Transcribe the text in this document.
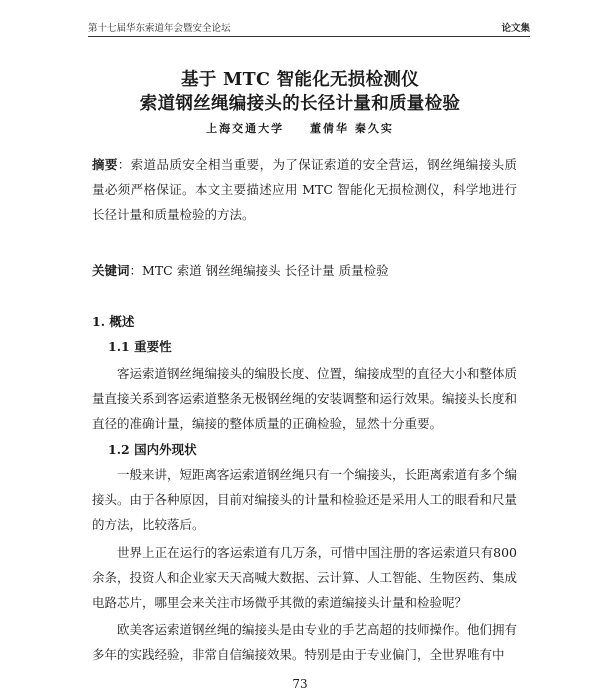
第十七届华东索道年会暨安全论坛	论文集
基于 MTC 智能化无损检测仪
索道钢丝绳编接头的长径计量和质量检验
上海交通大学 董倩华 秦久实
摘要：索道品质安全相当重要，为了保证索道的安全营运，钢丝绳编接头质量必须严格保证。本文主要描述应用 MTC 智能化无损检测仪，科学地进行长径计量和质量检验的方法。
关键词：MTC 索道 钢丝绳编接头 长径计量 质量检验
1. 概述
1.1 重要性
客运索道钢丝绳编接头的编股长度、位置，编接成型的直径大小和整体质量直接关系到客运索道整条无极钢丝绳的安装调整和运行效果。编接头长度和直径的准确计量，编接的整体质量的正确检验，显然十分重要。
1.2 国内外现状
一般来讲，短距离客运索道钢丝绳只有一个编接头，长距离索道有多个编接头。由于各种原因，目前对编接头的计量和检验还是采用人工的眼看和尺量的方法，比较落后。
世界上正在运行的客运索道有几万条，可惜中国注册的客运索道只有800余条，投资人和企业家天天高喊大数据、云计算、人工智能、生物医药、集成电路芯片，哪里会来关注市场微乎其微的索道编接头计量和检验呢？
欧美客运索道钢丝绳的编接头是由专业的手艺高超的技师操作。他们拥有多年的实践经验，非常自信编接效果。特别是由于专业偏门，全世界唯有中
73
